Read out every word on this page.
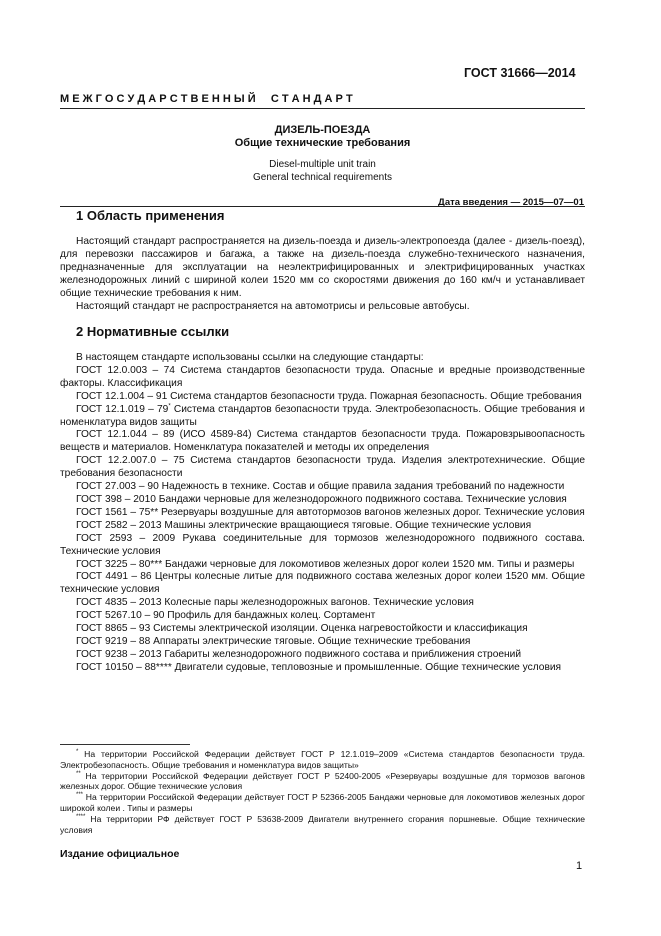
ГОСТ 31666—2014
М Е Ж Г О С У Д А Р С Т В Е Н Н Ы Й     С Т А Н Д А Р Т
ДИЗЕЛЬ-ПОЕЗДА
Общие технические требования
Diesel-multiple unit train
General technical requirements
Дата введения — 2015—07—01
1 Область применения

Настоящий стандарт распространяется на дизель-поезда и дизель-электропоезда (далее - дизель-поезд), для перевозки пассажиров и багажа, а также на дизель-поезда служебно-технического назначения, предназначенные для эксплуатации на неэлектрифицированных и электрифицированных участках железнодорожных линий с шириной колеи 1520 мм со скоростями движения до 160 км/ч и устанавливает общие технические требования к ним.

Настоящий стандарт не распространяется на автомотрисы и рельсовые автобусы.

2 Нормативные ссылки

В настоящем стандарте использованы ссылки на следующие стандарты:

ГОСТ 12.0.003 – 74 Система стандартов безопасности труда. Опасные и вредные производственные факторы. Классификация

ГОСТ 12.1.004 – 91 Система стандартов безопасности труда. Пожарная безопасность. Общие требования

ГОСТ 12.1.019 – 79* Система стандартов безопасности труда. Электробезопасность. Общие требования и номенклатура видов защиты

ГОСТ 12.1.044 – 89 (ИСО 4589-84) Система стандартов безопасности труда. Пожаровзрывоопасность веществ и материалов. Номенклатура показателей и методы их определения

ГОСТ 12.2.007.0 – 75 Система стандартов безопасности труда. Изделия электротехнические. Общие требования безопасности

ГОСТ 27.003 – 90 Надежность в технике. Состав и общие правила задания требований по надежности

ГОСТ 398 – 2010 Бандажи черновые для железнодорожного подвижного состава. Технические условия

ГОСТ 1561 – 75** Резервуары воздушные для автотормозов вагонов железных дорог. Технические условия

ГОСТ 2582 – 2013 Машины электрические вращающиеся тяговые. Общие технические условия

ГОСТ 2593 – 2009 Рукава соединительные для тормозов железнодорожного подвижного состава. Технические условия

ГОСТ 3225 – 80*** Бандажи черновые для локомотивов железных дорог колеи 1520 мм. Типы и размеры

ГОСТ 4491 – 86 Центры колесные литые для подвижного состава железных дорог колеи 1520 мм. Общие технические условия

ГОСТ 4835 – 2013 Колесные пары железнодорожных вагонов. Технические условия

ГОСТ 5267.10 – 90 Профиль для бандажных колец. Сортамент

ГОСТ 8865 – 93 Системы электрической изоляции. Оценка нагревостойкости и классификация

ГОСТ 9219 – 88 Аппараты электрические тяговые. Общие технические требования

ГОСТ 9238 – 2013 Габариты железнодорожного подвижного состава и приближения строений

ГОСТ 10150 – 88**** Двигатели судовые, тепловозные и промышленные. Общие технические условия

* На территории Российской Федерации действует ГОСТ Р 12.1.019–2009 «Система стандартов безопасности труда. Электробезопасность. Общие требования и номенклатура видов защиты»

** На территории Российской Федерации действует ГОСТ Р 52400-2005 «Резервуары воздушные для тормозов вагонов железных дорог. Общие технические условия

*** На территории Российской Федерации действует ГОСТ Р 52366-2005 Бандажи черновые для локомотивов железных дорог широкой колеи . Типы и размеры

**** На территории РФ действует ГОСТ Р 53638-2009 Двигатели внутреннего сгорания поршневые. Общие технические условия

Издание официальное
1
